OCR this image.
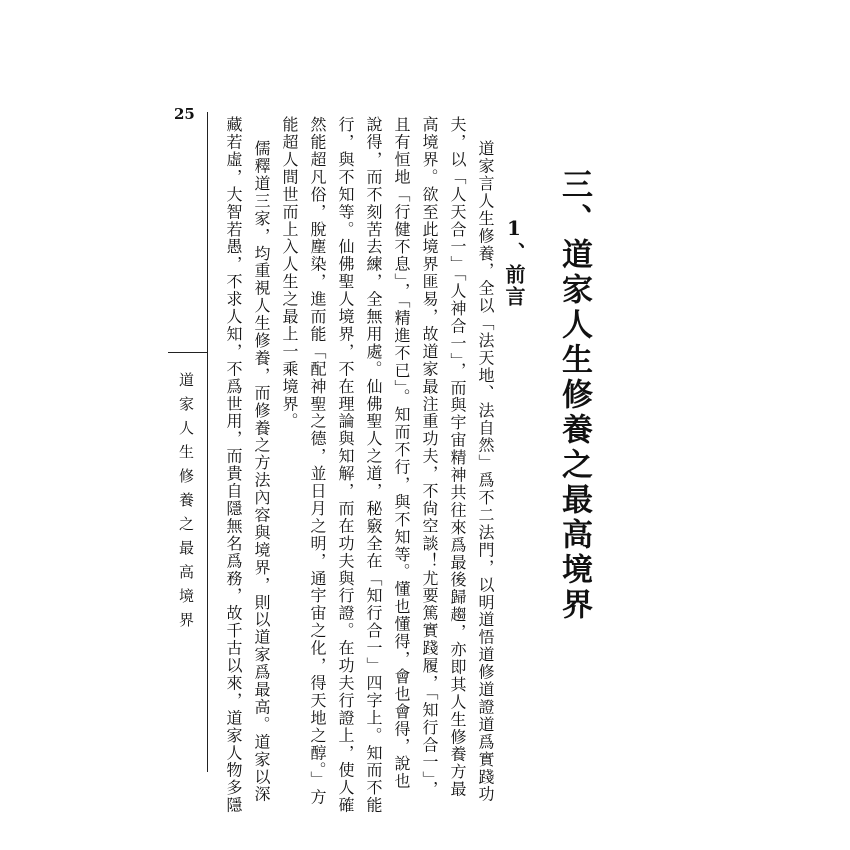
25
道家人生修養之最高境界	三、道家人生修養之最高境界
1、前言
道家言人生修養，全以「法天地、法自然」爲不二法門，以明道悟道修道證道爲實踐功
夫，以「人天合一」「人神合一」，而與宇宙精神共往來爲最後歸趨，亦即其人生修養方最
高境界。欲至此境界匪易，故道家最注重功夫，不尙空談！尤要篤實踐履，「知行合一」，
且有恒地「行健不息」，「精進不已」。知而不行，與不知等。懂也懂得，會也會得，說也
說得，而不刻苦去練，全無用處。仙佛聖人之道，秘竅全在「知行合一」四字上。知而不能
行，與不知等。仙佛聖人境界，不在理論與知解，而在功夫與行證。在功夫行證上，使人確
然能超凡俗，脫塵染，進而能「配神聖之德，並日月之明，通宇宙之化，得天地之醇。」方
能超人間世而上入人生之最上一乘境界。
儒釋道三家，均重視人生修養，而修養之方法內容與境界，則以道家爲最高。道家以深
藏若虛，大智若愚，不求人知，不爲世用，而貴自隱無名爲務，故千古以來，道家人物多隱
